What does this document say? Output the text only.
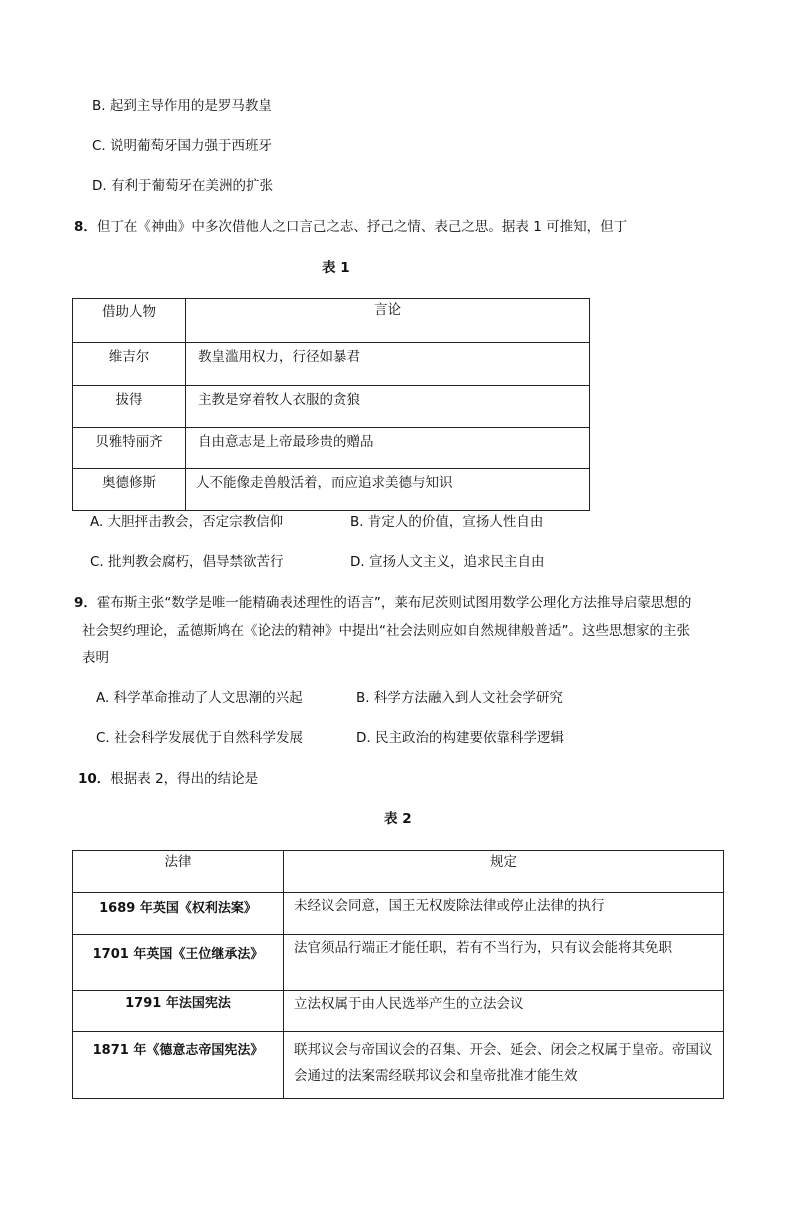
B. 起到主导作用的是罗马教皇
C. 说明葡萄牙国力强于西班牙
D. 有利于葡萄牙在美洲的扩张
8．但丁在《神曲》中多次借他人之口言己之志、抒己之情、表己之思。据表 1 可推知，但丁
表 1
借助人物	言论
维吉尔	教皇滥用权力，行径如暴君
拔得	主教是穿着牧人衣服的贪狼
贝雅特丽齐	自由意志是上帝最珍贵的赠品
奥德修斯	人不能像走兽般活着，而应追求美德与知识
A. 大胆抨击教会，否定宗教信仰	B. 肯定人的价值，宣扬人性自由
C. 批判教会腐朽，倡导禁欲苦行	D. 宣扬人文主义，追求民主自由
9．霍布斯主张“数学是唯一能精确表述理性的语言”，莱布尼茨则试图用数学公理化方法推导启蒙思想的
社会契约理论，孟德斯鸠在《论法的精神》中提出“社会法则应如自然规律般普适”。这些思想家的主张
表明
A. 科学革命推动了人文思潮的兴起	B. 科学方法融入到人文社会学研究
C. 社会科学发展优于自然科学发展	D. 民主政治的构建要依靠科学逻辑
10．根据表 2，得出的结论是
表 2
法律	规定
1689 年英国《权利法案》	未经议会同意，国王无权废除法律或停止法律的执行
1701 年英国《王位继承法》	法官须品行端正才能任职，若有不当行为，只有议会能将其免职
1791 年法国宪法	立法权属于由人民选举产生的立法会议
1871 年《德意志帝国宪法》	联邦议会与帝国议会的召集、开会、延会、闭会之权属于皇帝。帝国议会通过的法案需经联邦议会和皇帝批准才能生效
